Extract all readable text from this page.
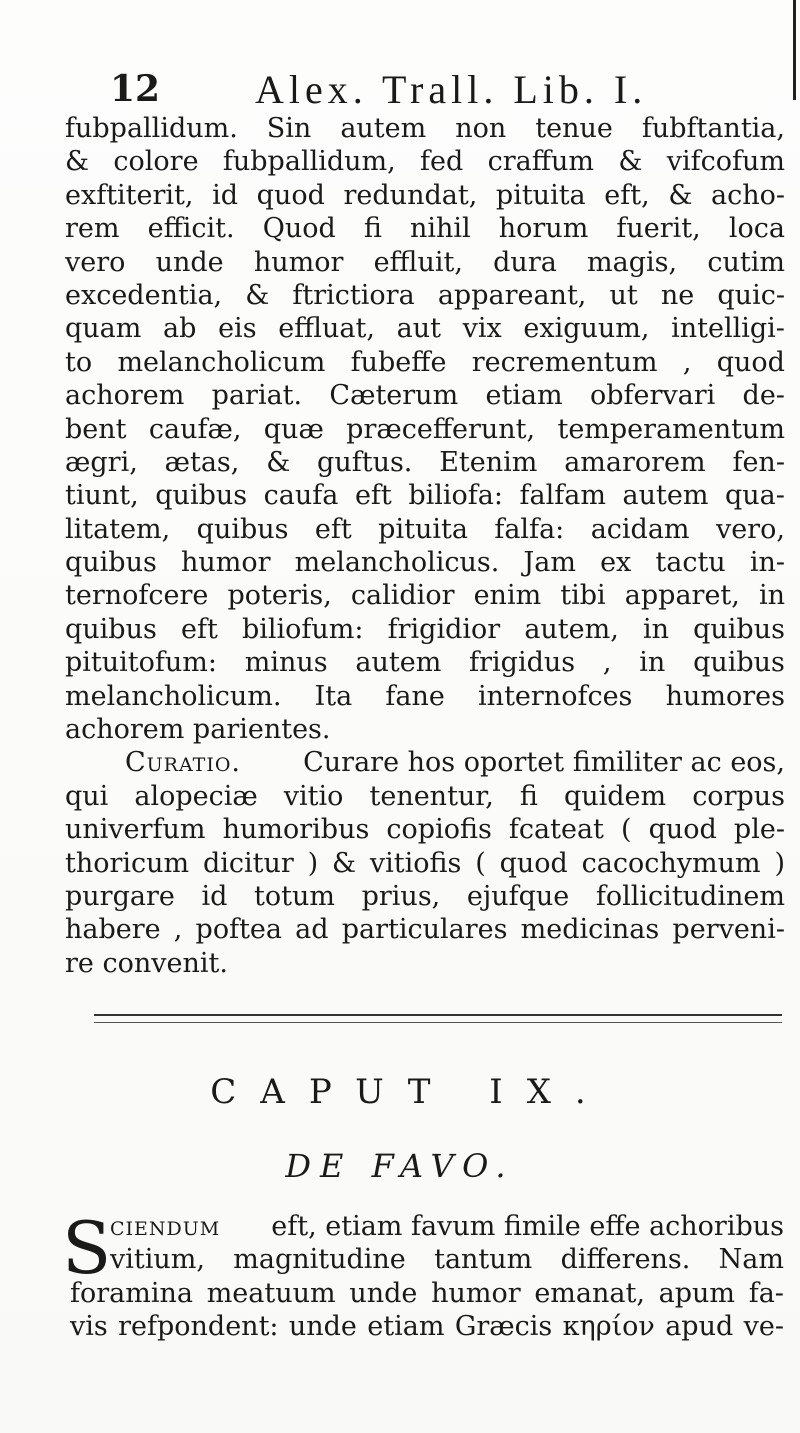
12 Alex. Trall. Lib. I.
fubpallidum. Sin autem non tenue fubftantia,
& colore fubpallidum, fed craffum & vifcofum
exftiterit, id quod redundat, pituita eft, & acho-
rem efficit. Quod fi nihil horum fuerit, loca
vero unde humor effluit, dura magis, cutim
excedentia, & ftrictiora appareant, ut ne quic-
quam ab eis effluat, aut vix exiguum, intelligi-
to melancholicum fubeffe recrementum , quod
achorem pariat. Cæterum etiam obfervari de-
bent caufæ, quæ præcefferunt, temperamentum
ægri, ætas, & guftus. Etenim amarorem fen-
tiunt, quibus caufa eft biliofa: falfam autem qua-
litatem, quibus eft pituita falfa: acidam vero,
quibus humor melancholicus. Jam ex tactu in-
ternofcere poteris, calidior enim tibi apparet, in
quibus eft biliofum: frigidior autem, in quibus
pituitofum: minus autem frigidus , in quibus
melancholicum. Ita fane internofces humores
achorem parientes.
Curatio. Curare hos oportet fimiliter ac eos,
qui alopeciæ vitio tenentur, fi quidem corpus
univerfum humoribus copiofis fcateat ( quod ple-
thoricum dicitur ) & vitiofis ( quod cacochymum )
purgare id totum prius, ejufque follicitudinem
habere , poftea ad particulares medicinas perveni-
re convenit.
CAPUT IX.
DE FAVO.
S
ciendum eft, etiam favum fimile effe achoribus
vitium, magnitudine tantum differens. Nam
foramina meatuum unde humor emanat, apum fa-
vis refpondent: unde etiam Græcis κηρίον apud ve-
